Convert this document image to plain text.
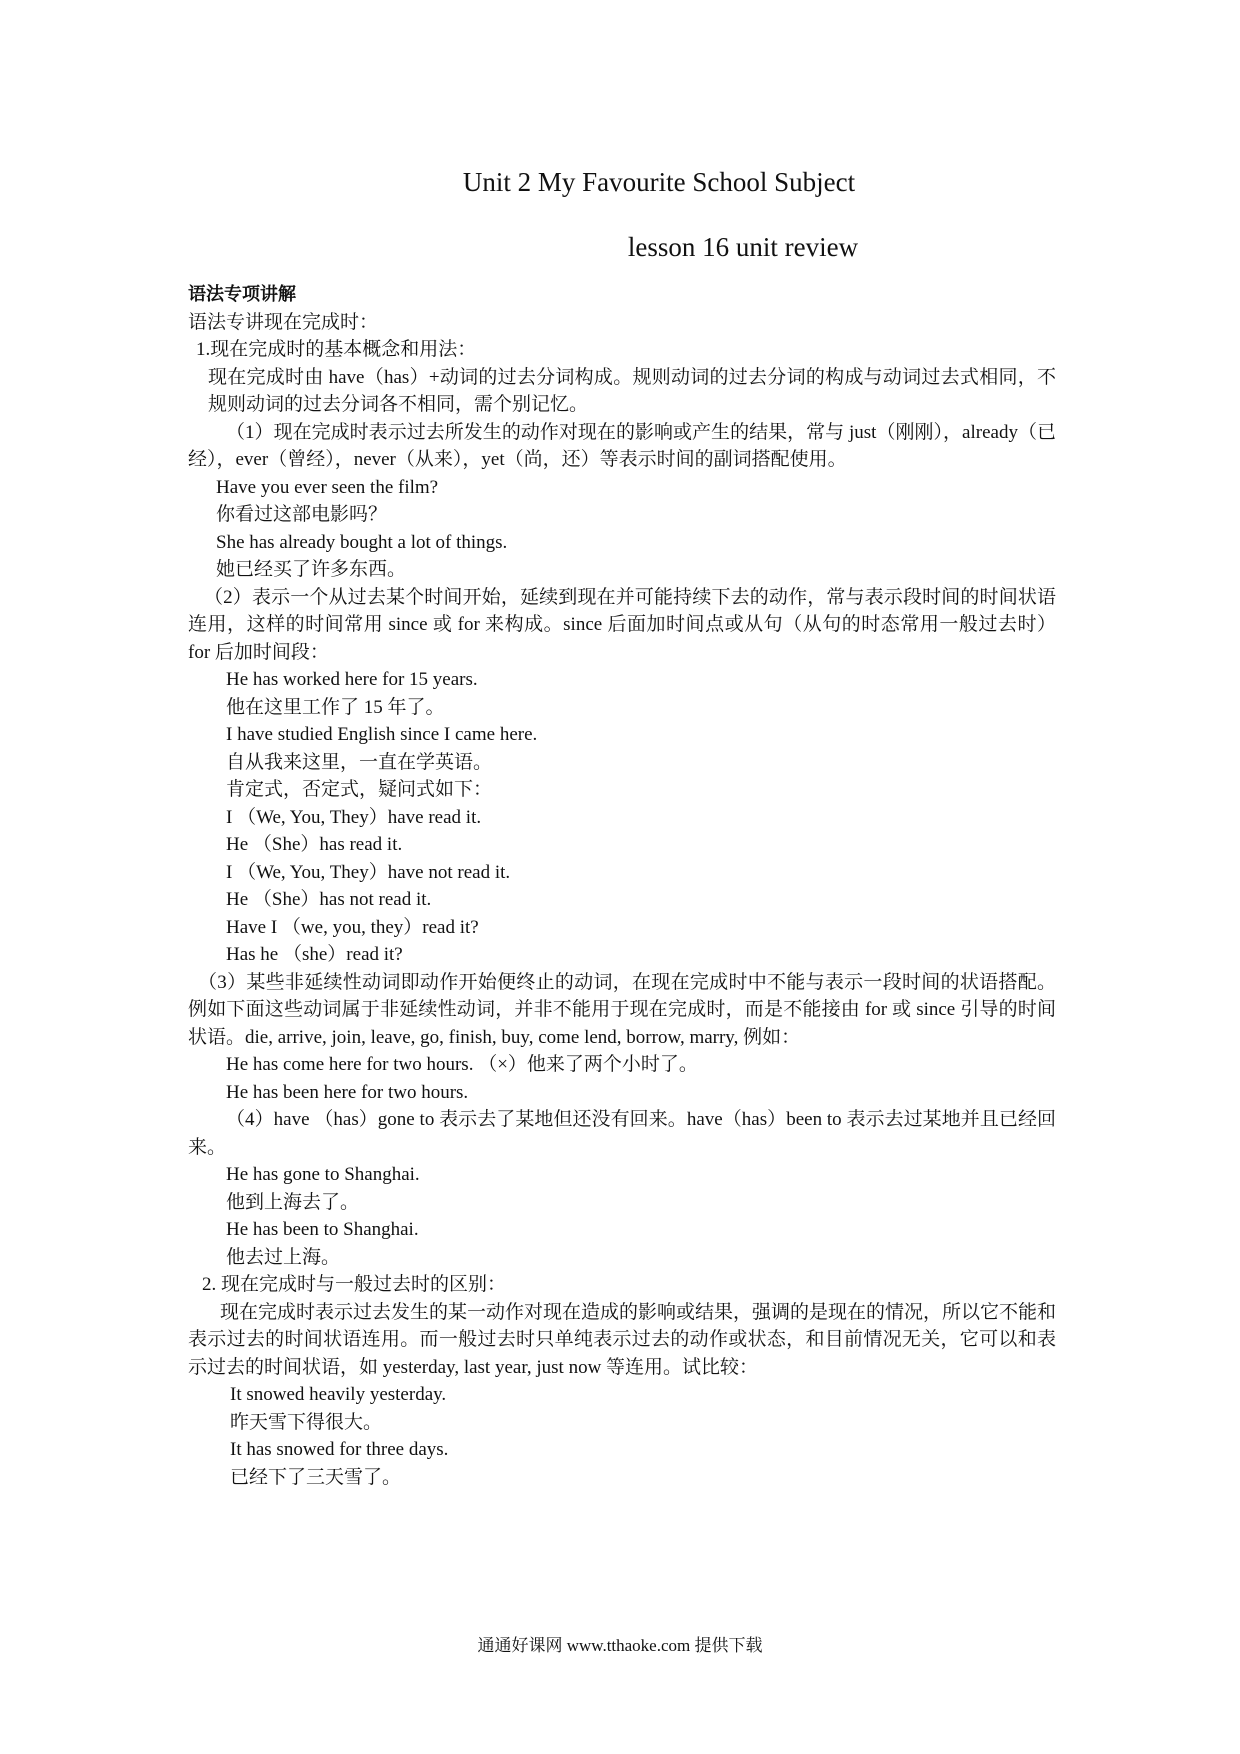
Unit 2 My Favourite School Subject
lesson 16 unit review

语法专项讲解

语法专讲现在完成时：

1.现在完成时的基本概念和用法：

现在完成时由 have（has）+动词的过去分词构成。规则动词的过去分词的构成与动词过去式相同，不规则动词的过去分词各不相同，需个别记忆。

（1）现在完成时表示过去所发生的动作对现在的影响或产生的结果，常与 just（刚刚），already（已经），ever（曾经），never（从来），yet（尚，还）等表示时间的副词搭配使用。

Have you ever seen the film?

你看过这部电影吗？

She has already bought a lot of things.

她已经买了许多东西。

（2）表示一个从过去某个时间开始，延续到现在并可能持续下去的动作，常与表示段时间的时间状语连用，这样的时间常用 since 或 for 来构成。since 后面加时间点或从句（从句的时态常用一般过去时）for 后加时间段：

He has worked here for 15 years.

他在这里工作了 15 年了。

I have studied English since I came here.

自从我来这里，一直在学英语。

肯定式，否定式，疑问式如下：

I （We, You, They）have read it.

He （She）has read it.

I （We, You, They）have not read it.

He （She）has not read it.

Have I （we, you, they）read it?

Has he （she）read it?

（3）某些非延续性动词即动作开始便终止的动词，在现在完成时中不能与表示一段时间的状语搭配。例如下面这些动词属于非延续性动词，并非不能用于现在完成时，而是不能接由 for 或 since 引导的时间状语。die, arrive, join, leave, go, finish, buy, come lend, borrow, marry, 例如：

He has come here for two hours. （×）他来了两个小时了。

He has been here for two hours.

（4）have （has）gone to 表示去了某地但还没有回来。have（has）been to 表示去过某地并且已经回来。

He has gone to Shanghai.

他到上海去了。

He has been to Shanghai.

他去过上海。

2. 现在完成时与一般过去时的区别：

现在完成时表示过去发生的某一动作对现在造成的影响或结果，强调的是现在的情况，所以它不能和表示过去的时间状语连用。而一般过去时只单纯表示过去的动作或状态，和目前情况无关，它可以和表示过去的时间状语，如 yesterday, last year, just now 等连用。试比较：

It snowed heavily yesterday.

昨天雪下得很大。

It has snowed for three days.

已经下了三天雪了。

通通好课网 www.tthaoke.com 提供下载
